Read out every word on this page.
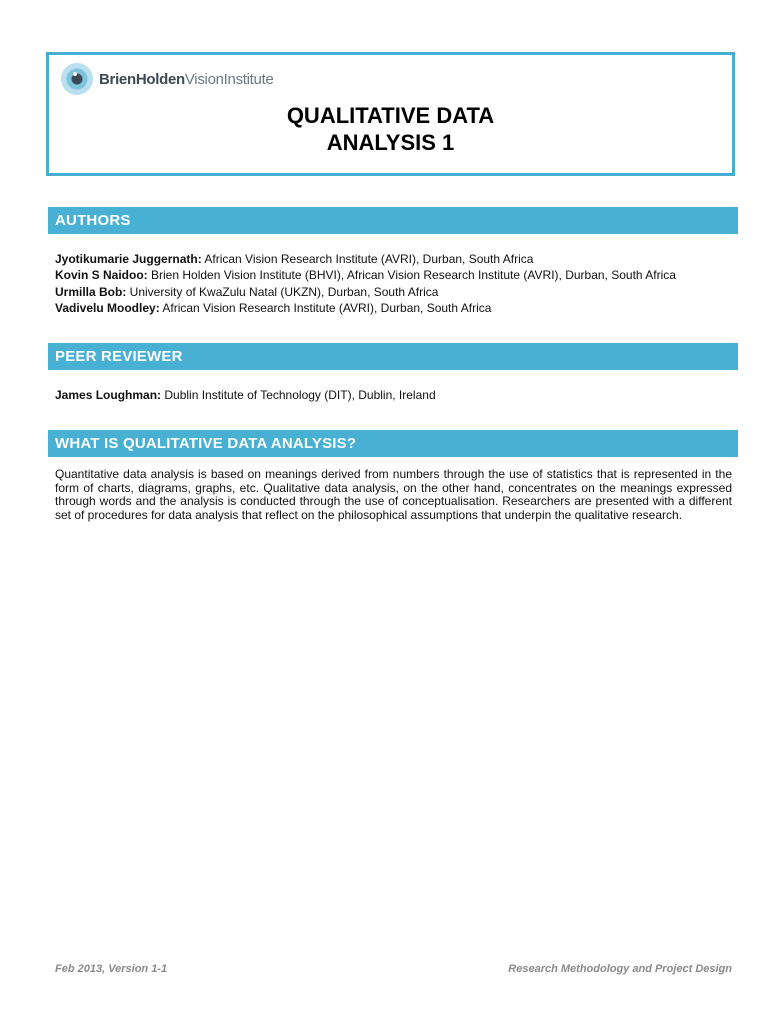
BrienHoldenVisionInstitute
QUALITATIVE DATA
ANALYSIS 1
AUTHORS
Jyotikumarie Juggernath: African Vision Research Institute (AVRI), Durban, South Africa
Kovin S Naidoo: Brien Holden Vision Institute (BHVI), African Vision Research Institute (AVRI), Durban, South Africa
Urmilla Bob: University of KwaZulu Natal (UKZN), Durban, South Africa
Vadivelu Moodley: African Vision Research Institute (AVRI), Durban, South Africa
PEER REVIEWER
James Loughman: Dublin Institute of Technology (DIT), Dublin, Ireland
WHAT IS QUALITATIVE DATA ANALYSIS?
Quantitative data analysis is based on meanings derived from numbers through the use of statistics that is represented in the form of charts, diagrams, graphs, etc. Qualitative data analysis, on the other hand, concentrates on the meanings expressed through words and the analysis is conducted through the use of conceptualisation. Researchers are presented with a different set of procedures for data analysis that reflect on the philosophical assumptions that underpin the qualitative research.
Feb 2013, Version 1-1	Research Methodology and Project Design
